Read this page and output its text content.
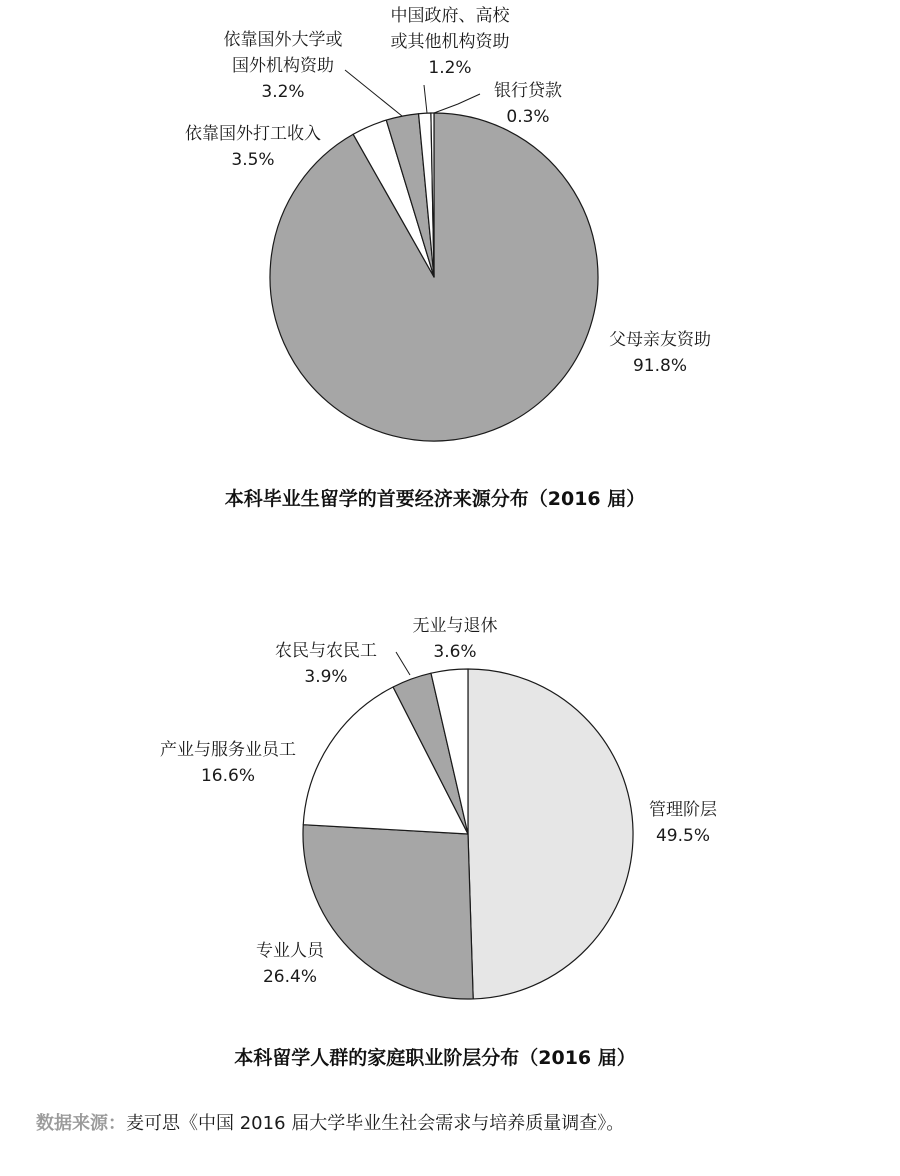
父母亲友资助 91.8%
依靠国外打工收入 3.5%
依靠国外大学或国外机构资助 3.2%
中国政府、高校或其他机构资助 1.2%
银行贷款 0.3%
本科毕业生留学的首要经济来源分布（2016 届）
管理阶层 49.5%
专业人员 26.4%
产业与服务业员工 16.6%
农民与农民工 3.9%
无业与退休 3.6%
本科留学人群的家庭职业阶层分布（2016 届）
数据来源：麦可思《中国 2016 届大学毕业生社会需求与培养质量调查》。
